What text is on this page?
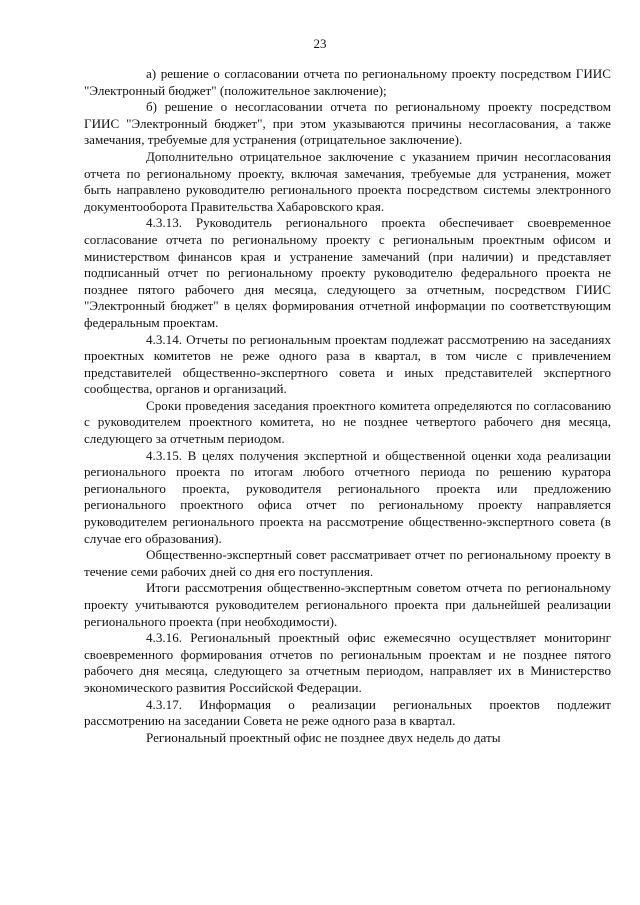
23

а) решение о согласовании отчета по региональному проекту посредством ГИИС "Электронный бюджет" (положительное заключение);

б) решение о несогласовании отчета по региональному проекту посредством ГИИС "Электронный бюджет", при этом указываются причины несогласования, а также замечания, требуемые для устранения (отрицательное заключение).

Дополнительно отрицательное заключение с указанием причин несогласования отчета по региональному проекту, включая замечания, требуемые для устранения, может быть направлено руководителю регионального проекта посредством системы электронного документооборота Правительства Хабаровского края.

4.3.13. Руководитель регионального проекта обеспечивает своевременное согласование отчета по региональному проекту с региональным проектным офисом и министерством финансов края и устранение замечаний (при наличии) и представляет подписанный отчет по региональному проекту руководителю федерального проекта не позднее пятого рабочего дня месяца, следующего за отчетным, посредством ГИИС "Электронный бюджет" в целях формирования отчетной информации по соответствующим федеральным проектам.

4.3.14. Отчеты по региональным проектам подлежат рассмотрению на заседаниях проектных комитетов не реже одного раза в квартал, в том числе с привлечением представителей общественно-экспертного совета и иных представителей экспертного сообщества, органов и организаций.

Сроки проведения заседания проектного комитета определяются по согласованию с руководителем проектного комитета, но не позднее четвертого рабочего дня месяца, следующего за отчетным периодом.

4.3.15. В целях получения экспертной и общественной оценки хода реализации регионального проекта по итогам любого отчетного периода по решению куратора регионального проекта, руководителя регионального проекта или предложению регионального проектного офиса отчет по региональному проекту направляется руководителем регионального проекта на рассмотрение общественно-экспертного совета (в случае его образования).

Общественно-экспертный совет рассматривает отчет по региональному проекту в течение семи рабочих дней со дня его поступления.

Итоги рассмотрения общественно-экспертным советом отчета по региональному проекту учитываются руководителем регионального проекта при дальнейшей реализации регионального проекта (при необходимости).

4.3.16. Региональный проектный офис ежемесячно осуществляет мониторинг своевременного формирования отчетов по региональным проектам и не позднее пятого рабочего дня месяца, следующего за отчетным периодом, направляет их в Министерство экономического развития Российской Федерации.

4.3.17. Информация о реализации региональных проектов подлежит рассмотрению на заседании Совета не реже одного раза в квартал.

Региональный проектный офис не позднее двух недель до даты
